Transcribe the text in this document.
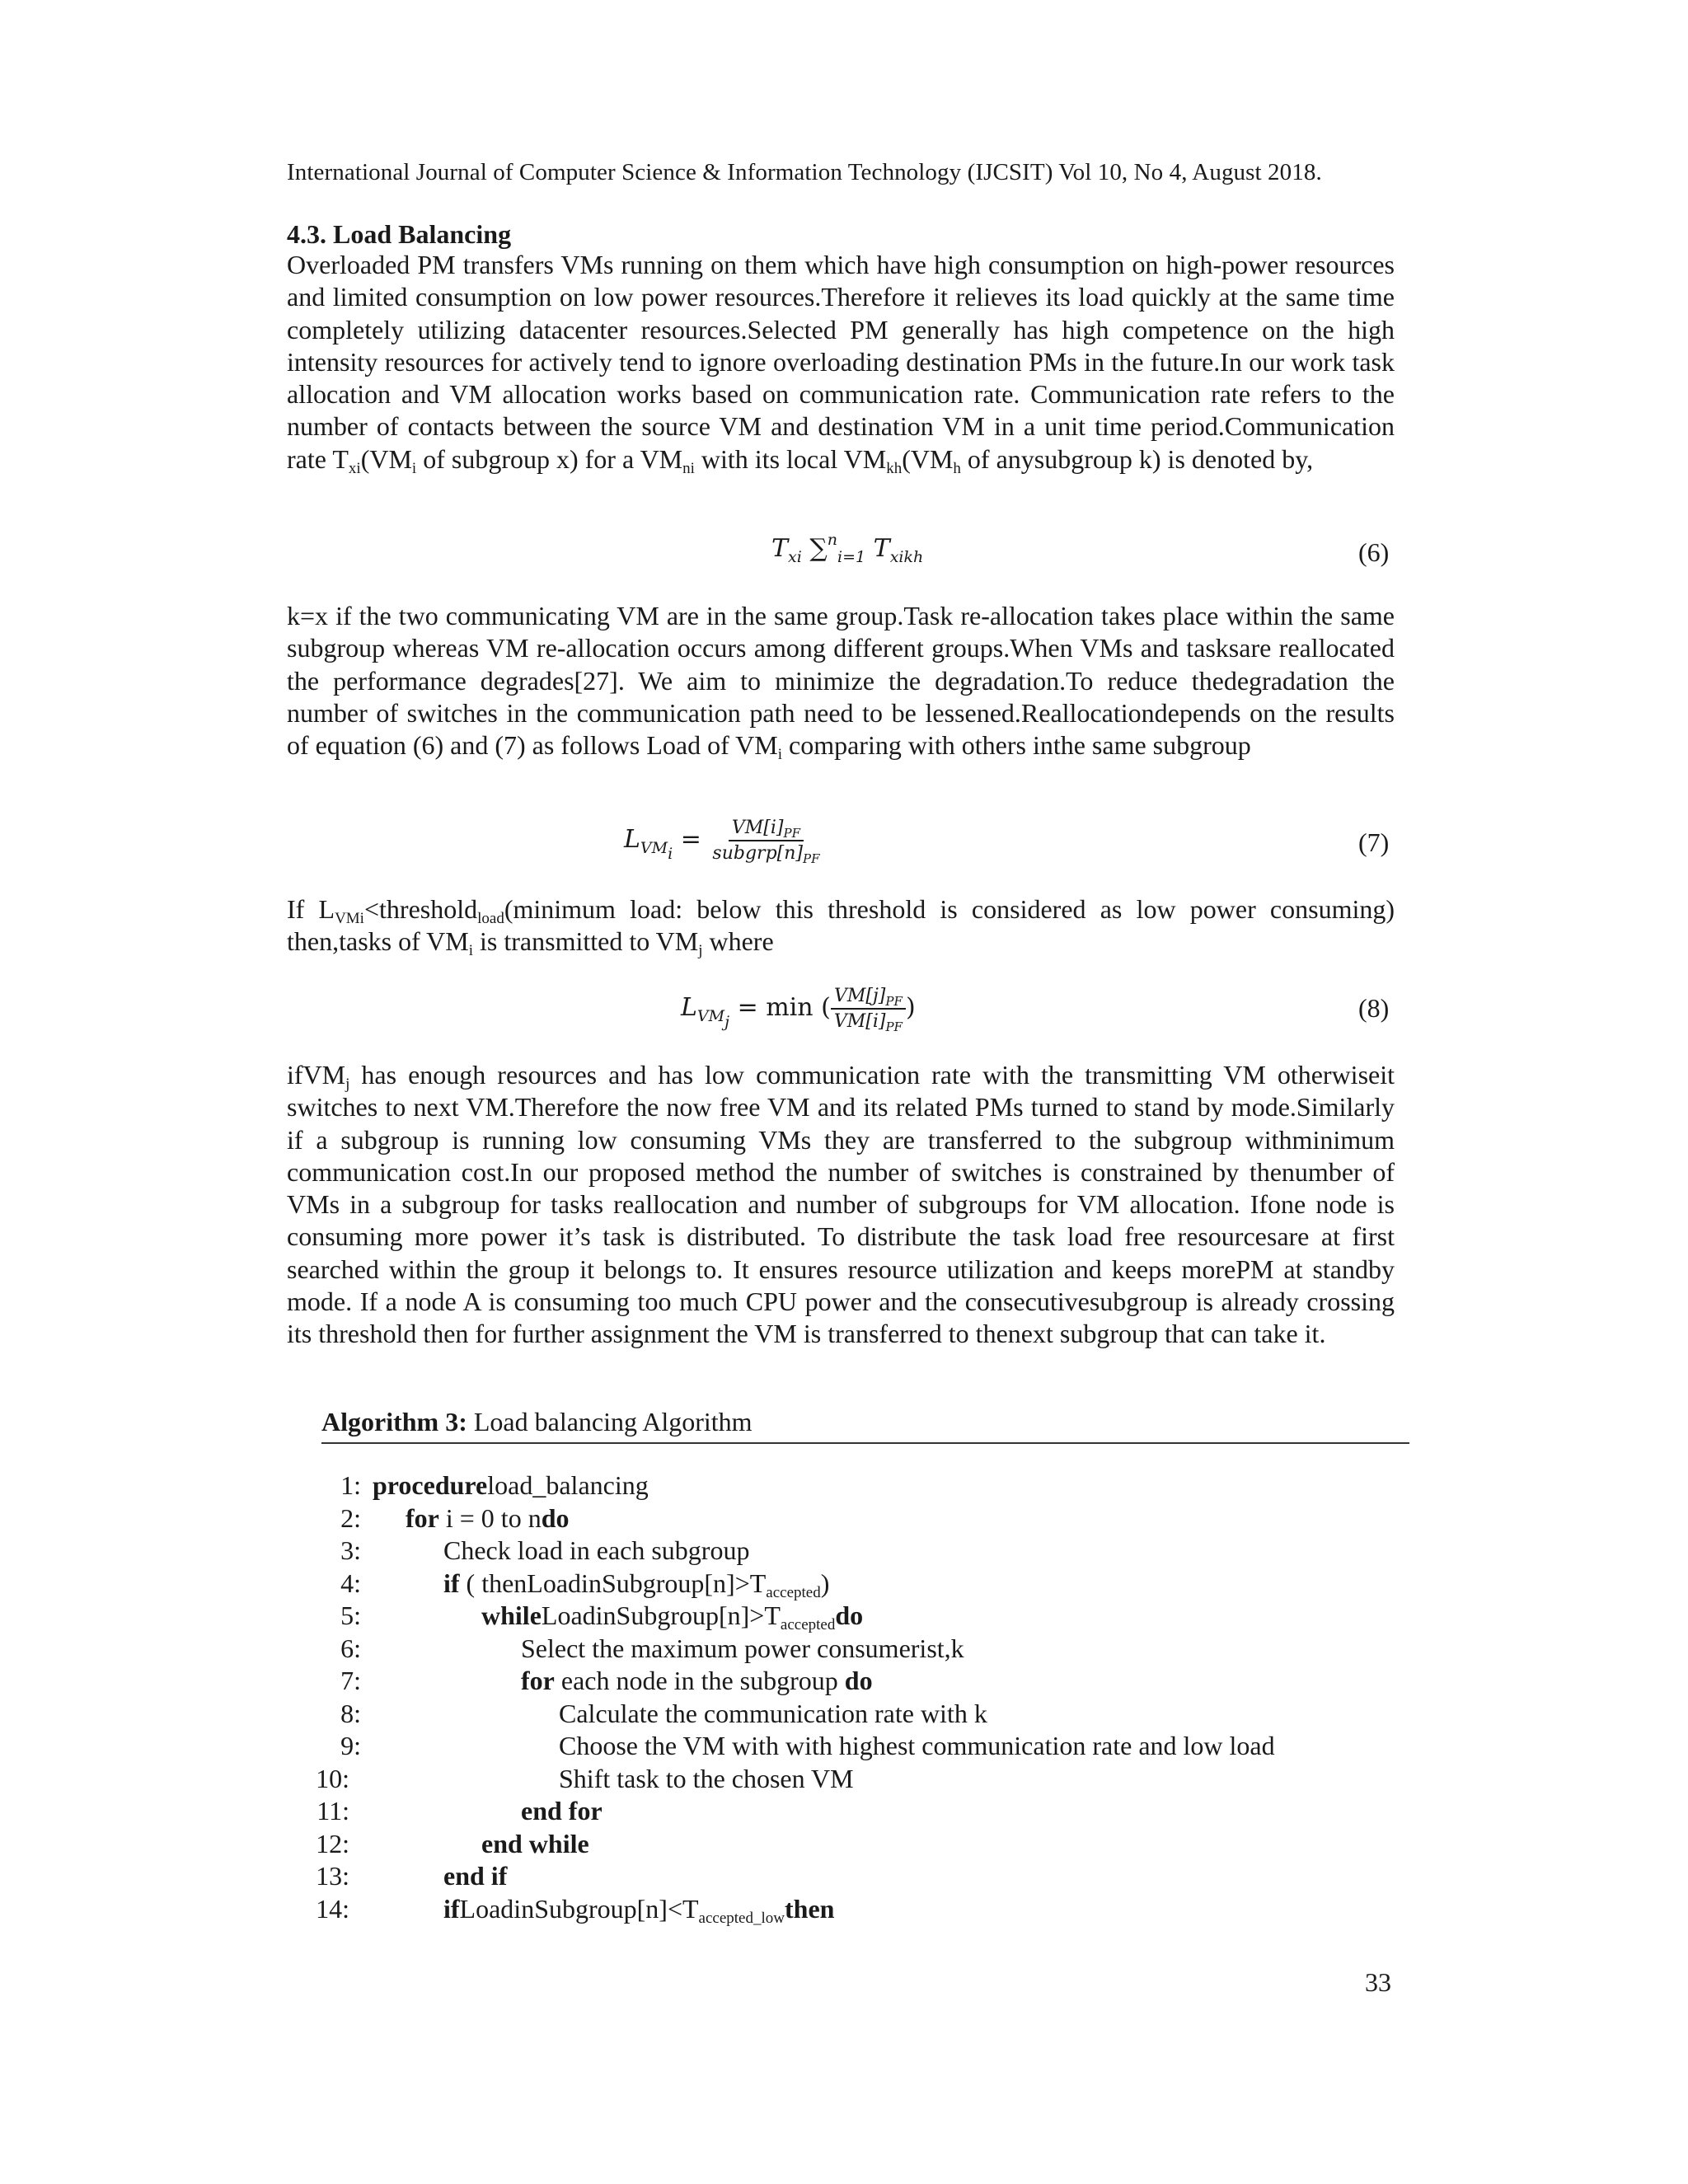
International Journal of Computer Science & Information Technology (IJCSIT) Vol 10, No 4, August 2018.
4.3. Load Balancing
Overloaded PM transfers VMs running on them which have high consumption on high-power resources and limited consumption on low power resources.Therefore it relieves its load quickly at the same time completely utilizing datacenter resources.Selected PM generally has high competence on the high intensity resources for actively tend to ignore overloading destination PMs in the future.In our work task allocation and VM allocation works based on communication rate. Communication rate refers to the number of contacts between the source VM and destination VM in a unit time period.Communication rate $T_{xi}(VM_i$ of subgroup x) for a $VM_{ni}$ with its local $VM_{kh}(VM_h$ of anysubgroup k) is denoted by,
$T_{xi}$ ∑$^n_{i=1}$ $T_{xikh}$	(6)
k=x if the two communicating VM are in the same group.Task re-allocation takes place within the same subgroup whereas VM re-allocation occurs among different groups.When VMs and tasksare reallocated the performance degrades[27]. We aim to minimize the degradation.To reduce thedegradation the number of switches in the communication path need to be lessened.Reallocationdepends on the results of equation (6) and (7) as follows Load of $VM_i$ comparing with others inthe same subgroup
$L_{VM_i} = \frac{VM[i]_{PF}}{subgrp[n]_{PF}}$	(7)
If $L_{VMi}<threshold_{load}(minimum$ load: below this threshold is considered as low power consuming) then,tasks of $VM_i$ is transmitted to $VM_j$ where
$L_{VM_j} = \min$ ( $\frac{VM[j]_{PF}}{VM[i]_{PF}}$ )	(8)
ifVM$_j$ has enough resources and has low communication rate with the transmitting VM otherwiseit switches to next VM.Therefore the now free VM and its related PMs turned to stand by mode.Similarly if a subgroup is running low consuming VMs they are transferred to the subgroup withminimum communication cost.In our proposed method the number of switches is constrained by thenumber of VMs in a subgroup for tasks reallocation and number of subgroups for VM allocation. Ifone node is consuming more power it’s task is distributed. To distribute the task load free resourcesare at first searched within the group it belongs to. It ensures resource utilization and keeps morePM at standby mode. If a node A is consuming too much CPU power and the consecutivesubgroup is already crossing its threshold then for further assignment the VM is transferred to thenext subgroup that can take it.
Algorithm 3: Load balancing Algorithm
1: procedureload_balancing
2: for i = 0 to ndo
3:	Check load in each subgroup
4:	if ( $thenLoadinSubgroup[n]>T_{accepted}$)
5:	$whileLoadinSubgroup[n]>T_{accepted}do$
6:	Select the maximum power consumerist,k
7:	for each node in the subgroup do
8:	Calculate the communication rate with k
9:	Choose the VM with with highest communication rate and low load
10:	Shift task to the chosen VM
11:	end for
12:	end while
13:	end if
14:	$ifLoadinSubgroup[n]<T_{accepted\_low}then$
33
